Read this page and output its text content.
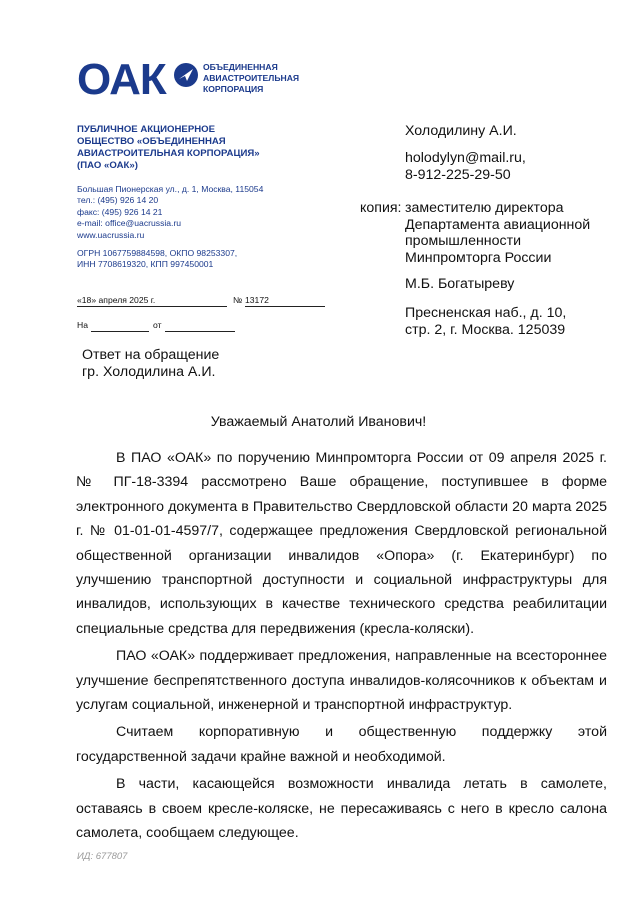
ОАК	ОБЪЕДИНЕННАЯ
АВИАСТРОИТЕЛЬНАЯ
КОРПОРАЦИЯ
ПУБЛИЧНОЕ АКЦИОНЕРНОЕ
ОБЩЕСТВО «ОБЪЕДИНЕННАЯ
АВИАСТРОИТЕЛЬНАЯ КОРПОРАЦИЯ»
(ПАО «ОАК»)
Большая Пионерская ул., д. 1, Москва, 115054
тел.: (495) 926 14 20
факс: (495) 926 14 21
e-mail: office@uacrussia.ru
www.uacrussia.ru
ОГРН 1067759884598, ОКПО 98253307,
ИНН 7708619320, КПП 997450001
«18» апреля 2025 г.	№ 13172
На	от
Холодилину А.И.
holodylyn@mail.ru,
8-912-225-29-50
копия: заместителю директора
Департамента авиационной
промышленности
Минпромторга России
М.Б. Богатыреву
Пресненская наб., д. 10,
стр. 2, г. Москва. 125039
Ответ на обращение
гр. Холодилина А.И.
Уважаемый Анатолий Иванович!

В ПАО «ОАК» по поручению Минпромторга России от 09 апреля 2025 г. № ПГ-18-3394 рассмотрено Ваше обращение, поступившее в форме электронного документа в Правительство Свердловской области 20 марта 2025 г. № 01-01-01-4597/7, содержащее предложения Свердловской региональной общественной организации инвалидов «Опора» (г. Екатеринбург) по улучшению транспортной доступности и социальной инфраструктуры для инвалидов, использующих в качестве технического средства реабилитации специальные средства для передвижения (кресла-коляски).

ПАО «ОАК» поддерживает предложения, направленные на всестороннее улучшение беспрепятственного доступа инвалидов-колясочников к объектам и услугам социальной, инженерной и транспортной инфраструктур.

Считаем корпоративную и общественную поддержку этой государственной задачи крайне важной и необходимой.

В части, касающейся возможности инвалида летать в самолете, оставаясь в своем кресле-коляске, не пересаживаясь с него в кресло салона самолета, сообщаем следующее.

ИД: 677807
